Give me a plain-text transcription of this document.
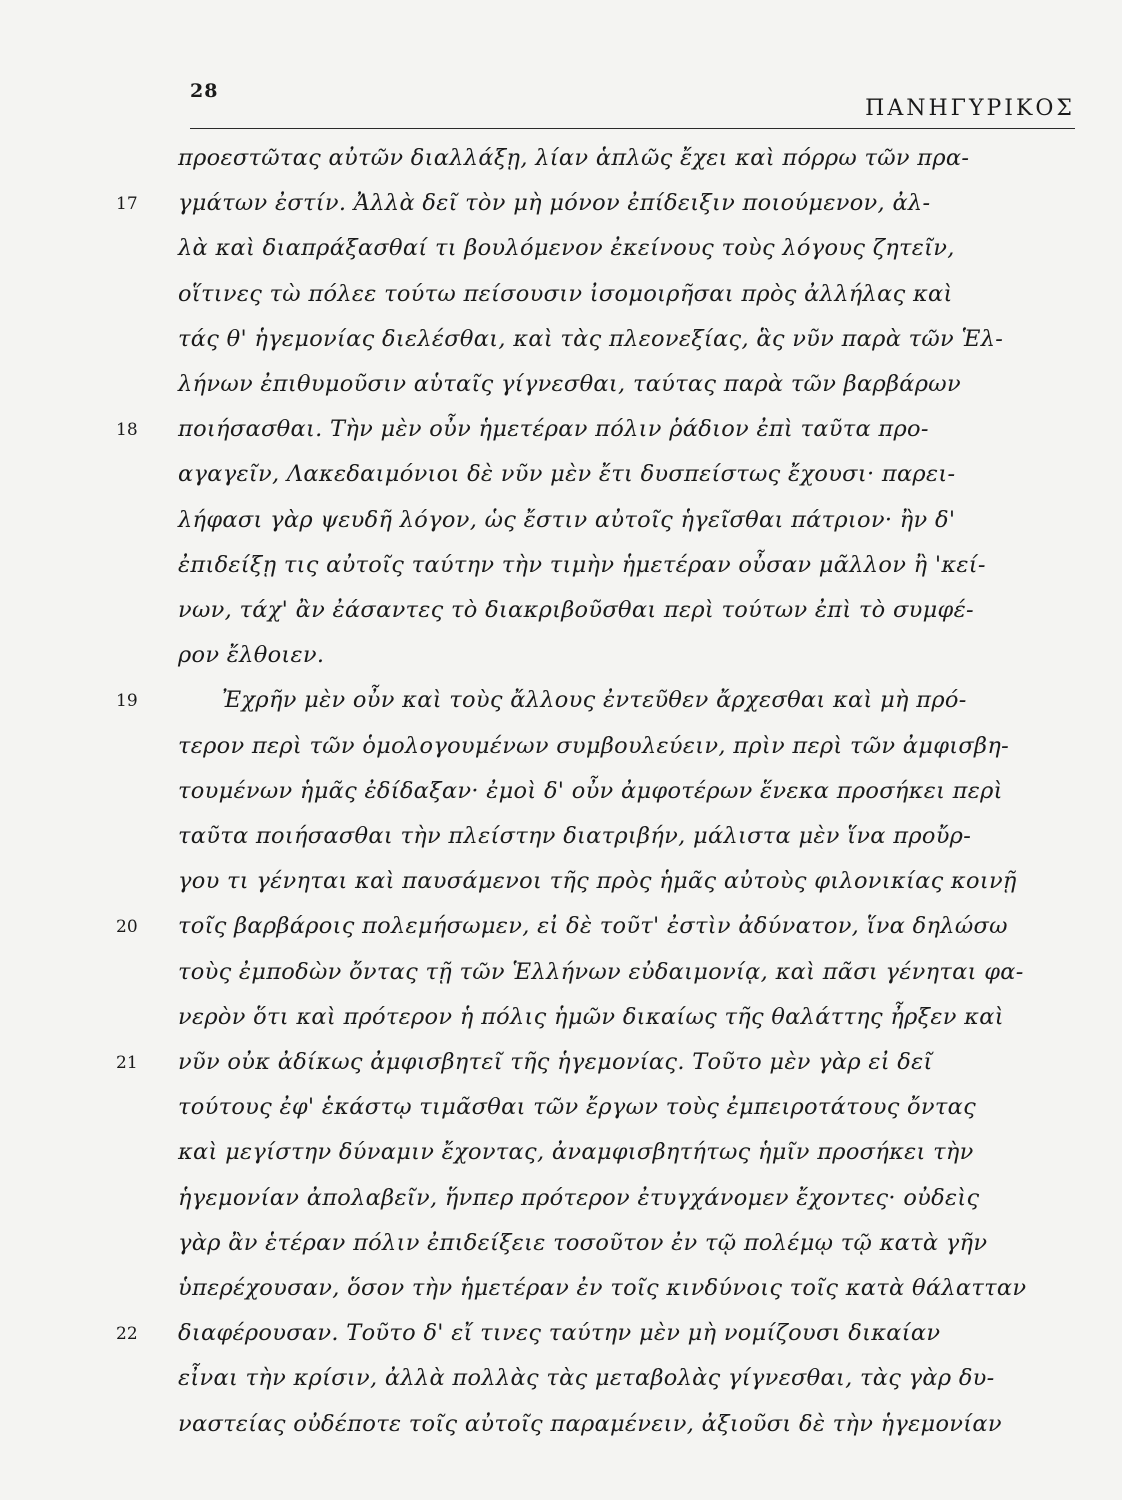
28
ΠΑΝΗΓΥΡΙΚΟΣ
προεστῶτας αὐτῶν διαλλάξῃ, λίαν ἁπλῶς ἔχει καὶ πόρρω τῶν πρα-
17 γμάτων ἐστίν. Ἀλλὰ δεῖ τὸν μὴ μόνον ἐπίδειξιν ποιούμενον, ἀλ-
λὰ καὶ διαπράξασθαί τι βουλόμενον ἐκείνους τοὺς λόγους ζητεῖν,
οἵτινες τὼ πόλεε τούτω πείσουσιν ἰσομοιρῆσαι πρὸς ἀλλήλας καὶ
τάς θ' ἡγεμονίας διελέσθαι, καὶ τὰς πλεονεξίας, ἃς νῦν παρὰ τῶν Ἑλ-
λήνων ἐπιθυμοῦσιν αὑταῖς γίγνεσθαι, ταύτας παρὰ τῶν βαρβάρων
18 ποιήσασθαι. Τὴν μὲν οὖν ἡμετέραν πόλιν ῥάδιον ἐπὶ ταῦτα προ-
αγαγεῖν, Λακεδαιμόνιοι δὲ νῦν μὲν ἔτι δυσπείστως ἔχουσι· παρει-
λήφασι γὰρ ψευδῆ λόγον, ὡς ἔστιν αὐτοῖς ἡγεῖσθαι πάτριον· ἢν δ'
ἐπιδείξῃ τις αὐτοῖς ταύτην τὴν τιμὴν ἡμετέραν οὖσαν μᾶλλον ἢ 'κεί-
νων, τάχ' ἂν ἐάσαντες τὸ διακριβοῦσθαι περὶ τούτων ἐπὶ τὸ συμφέ-
ρον ἔλθοιεν.
19	Ἐχρῆν μὲν οὖν καὶ τοὺς ἄλλους ἐντεῦθεν ἄρχεσθαι καὶ μὴ πρό-
τερον περὶ τῶν ὁμολογουμένων συμβουλεύειν, πρὶν περὶ τῶν ἀμφισβη-
τουμένων ἡμᾶς ἐδίδαξαν· ἐμοὶ δ' οὖν ἀμφοτέρων ἕνεκα προσήκει περὶ
ταῦτα ποιήσασθαι τὴν πλείστην διατριβήν, μάλιστα μὲν ἵνα προὔρ-
γου τι γένηται καὶ παυσάμενοι τῆς πρὸς ἡμᾶς αὐτοὺς φιλονικίας κοινῇ
20 τοῖς βαρβάροις πολεμήσωμεν, εἰ δὲ τοῦτ' ἐστὶν ἀδύνατον, ἵνα δηλώσω
τοὺς ἐμποδὼν ὄντας τῇ τῶν Ἑλλήνων εὐδαιμονίᾳ, καὶ πᾶσι γένηται φα-
νερὸν ὅτι καὶ πρότερον ἡ πόλις ἡμῶν δικαίως τῆς θαλάττης ἦρξεν καὶ
21 νῦν οὐκ ἀδίκως ἀμφισβητεῖ τῆς ἡγεμονίας. Τοῦτο μὲν γὰρ εἰ δεῖ
τούτους ἐφ' ἑκάστῳ τιμᾶσθαι τῶν ἔργων τοὺς ἐμπειροτάτους ὄντας
καὶ μεγίστην δύναμιν ἔχοντας, ἀναμφισβητήτως ἡμῖν προσήκει τὴν
ἡγεμονίαν ἀπολαβεῖν, ἥνπερ πρότερον ἐτυγχάνομεν ἔχοντες· οὐδεὶς
γὰρ ἂν ἑτέραν πόλιν ἐπιδείξειε τοσοῦτον ἐν τῷ πολέμῳ τῷ κατὰ γῆν
ὑπερέχουσαν, ὅσον τὴν ἡμετέραν ἐν τοῖς κινδύνοις τοῖς κατὰ θάλατταν
22 διαφέρουσαν. Τοῦτο δ' εἴ τινες ταύτην μὲν μὴ νομίζουσι δικαίαν
εἶναι τὴν κρίσιν, ἀλλὰ πολλὰς τὰς μεταβολὰς γίγνεσθαι, τὰς γὰρ δυ-
ναστείας οὐδέποτε τοῖς αὐτοῖς παραμένειν, ἀξιοῦσι δὲ τὴν ἡγεμονίαν
